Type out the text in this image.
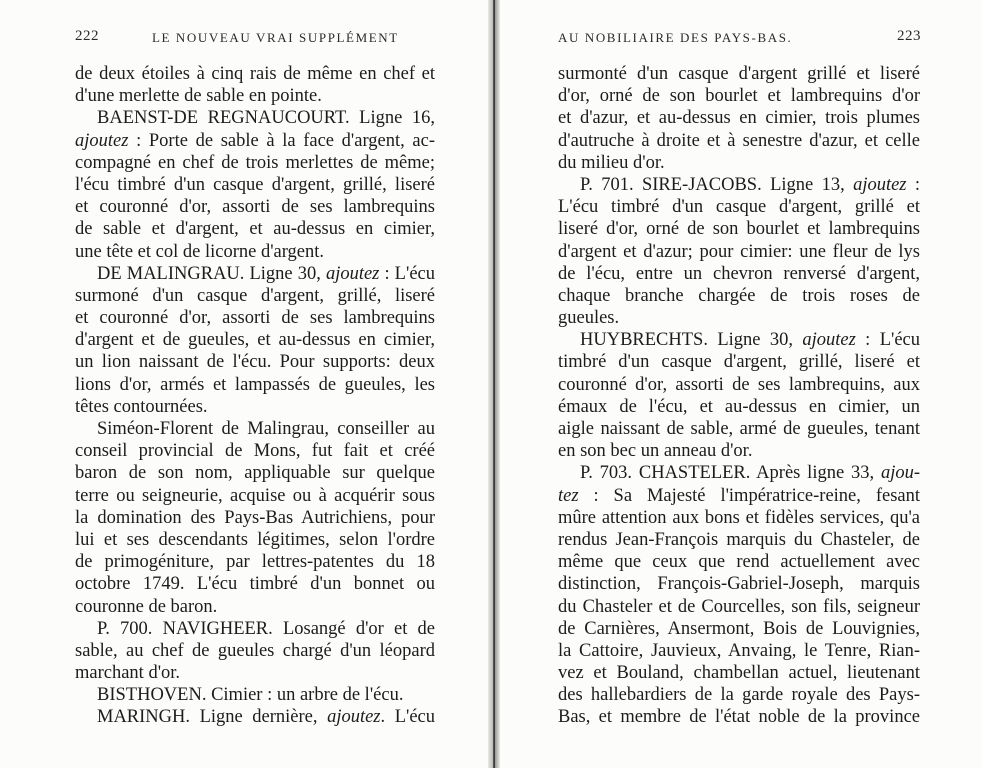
222	LE NOUVEAU VRAI SUPPLÉMENT
de deux étoiles à cinq rais de même en chef et
d'une merlette de sable en pointe.
BAENST-DE REGNAUCOURT. Ligne 16,
ajoutez : Porte de sable à la face d'argent, ac-
compagné en chef de trois merlettes de même;
l'écu timbré d'un casque d'argent, grillé, liseré
et couronné d'or, assorti de ses lambrequins
de sable et d'argent, et au-dessus en cimier,
une tête et col de licorne d'argent.
DE MALINGRAU. Ligne 30, ajoutez : L'écu
surmoné d'un casque d'argent, grillé, liseré
et couronné d'or, assorti de ses lambrequins
d'argent et de gueules, et au-dessus en cimier,
un lion naissant de l'écu. Pour supports: deux
lions d'or, armés et lampassés de gueules, les
têtes contournées.
Siméon-Florent de Malingrau, conseiller au
conseil provincial de Mons, fut fait et créé
baron de son nom, appliquable sur quelque
terre ou seigneurie, acquise ou à acquérir sous
la domination des Pays-Bas Autrichiens, pour
lui et ses descendants légitimes, selon l'ordre
de primogéniture, par lettres-patentes du 18
octobre 1749. L'écu timbré d'un bonnet ou
couronne de baron.
P. 700. NAVIGHEER. Losangé d'or et de
sable, au chef de gueules chargé d'un léopard
marchant d'or.
BISTHOVEN. Cimier : un arbre de l'écu.
MARINGH. Ligne dernière, ajoutez. L'écu
AU NOBILIAIRE DES PAYS-BAS.	223
surmonté d'un casque d'argent grillé et liseré
d'or, orné de son bourlet et lambrequins d'or
et d'azur, et au-dessus en cimier, trois plumes
d'autruche à droite et à senestre d'azur, et celle
du milieu d'or.
P. 701. SIRE-JACOBS. Ligne 13, ajoutez :
L'écu timbré d'un casque d'argent, grillé et
liseré d'or, orné de son bourlet et lambrequins
d'argent et d'azur; pour cimier: une fleur de lys
de l'écu, entre un chevron renversé d'argent,
chaque branche chargée de trois roses de
gueules.
HUYBRECHTS. Ligne 30, ajoutez : L'écu
timbré d'un casque d'argent, grillé, liseré et
couronné d'or, assorti de ses lambrequins, aux
émaux de l'écu, et au-dessus en cimier, un
aigle naissant de sable, armé de gueules, tenant
en son bec un anneau d'or.
P. 703. CHASTELER. Après ligne 33, ajou-
tez : Sa Majesté l'impératrice-reine, fesant
mûre attention aux bons et fidèles services, qu'a
rendus Jean-François marquis du Chasteler, de
même que ceux que rend actuellement avec
distinction, François-Gabriel-Joseph, marquis
du Chasteler et de Courcelles, son fils, seigneur
de Carnières, Ansermont, Bois de Louvignies,
la Cattoire, Jauvieux, Anvaing, le Tenre, Rian-
vez et Bouland, chambellan actuel, lieutenant
des hallebardiers de la garde royale des Pays-
Bas, et membre de l'état noble de la province
